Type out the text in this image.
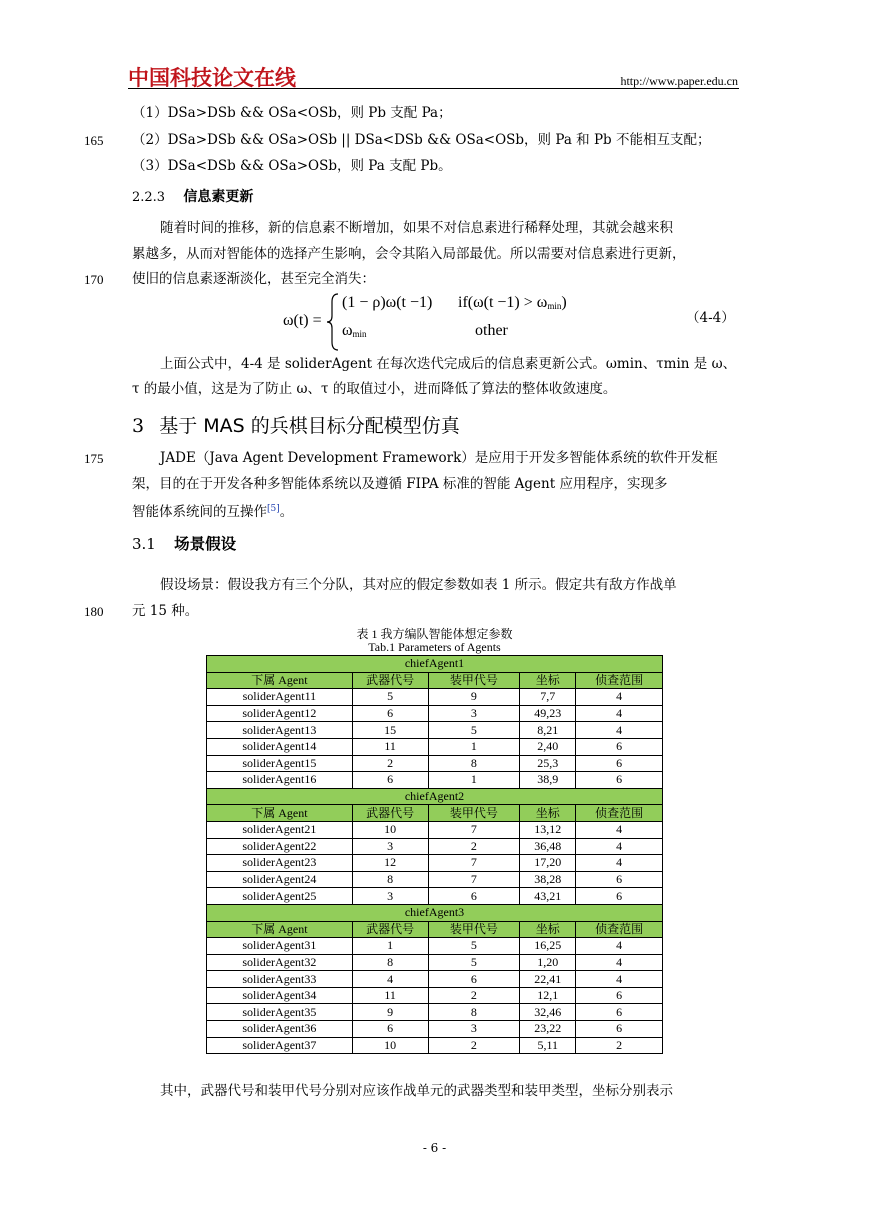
中国科技论文在线	http://www.paper.edu.cn
（1）DSa>DSb && OSa<OSb，则 Pb 支配 Pa；
165 （2）DSa>DSb && OSa>OSb || DSa<DSb && OSa<OSb，则 Pa 和 Pb 不能相互支配；
（3）DSa<DSb && OSa>OSb，则 Pa 支配 Pb。
2.2.3 信息素更新
随着时间的推移，新的信息素不断增加，如果不对信息素进行稀释处理，其就会越来积
累越多，从而对智能体的选择产生影响，会令其陷入局部最优。所以需要对信息素进行更新，
170 使旧的信息素逐渐淡化，甚至完全消失：
ω(t) =
(1 − ρ)ω(t −1) $if(\omega(t -1) > \omega_{min})$
$\omega_{min}$	other
（4-4）
上面公式中，4-4 是 soliderAgent 在每次迭代完成后的信息素更新公式。ωmin、τmin 是 ω、
τ 的最小值，这是为了防止 ω、τ 的取值过小，进而降低了算法的整体收敛速度。
3 基于 MAS 的兵棋目标分配模型仿真
175	JADE（Java Agent Development Framework）是应用于开发多智能体系统的软件开发框
架，目的在于开发各种多智能体系统以及遵循 FIPA 标准的智能 Agent 应用程序，实现多
智能体系统间的互操作[5]。
3.1 场景假设
假设场景：假设我方有三个分队，其对应的假定参数如表 1 所示。假定共有敌方作战单
180 元 15 种。
表 1 我方编队智能体想定参数
Tab.1 Parameters of Agents
chiefAgent1				
下属 Agent	武器代号	装甲代号	坐标	侦查范围
soliderAgent11	5	9	7,7	4
soliderAgent12	6	3	49,23	4
soliderAgent13	15	5	8,21	4
soliderAgent14	11	1	2,40	6
soliderAgent15	2	8	25,3	6
soliderAgent16	6	1	38,9	6
chiefAgent2				
下属 Agent	武器代号	装甲代号	坐标	侦查范围
soliderAgent21	10	7	13,12	4
soliderAgent22	3	2	36,48	4
soliderAgent23	12	7	17,20	4
soliderAgent24	8	7	38,28	6
soliderAgent25	3	6	43,21	6
chiefAgent3				
下属 Agent	武器代号	装甲代号	坐标	侦查范围
soliderAgent31	1	5	16,25	4
soliderAgent32	8	5	1,20	4
soliderAgent33	4	6	22,41	4
soliderAgent34	11	2	12,1	6
soliderAgent35	9	8	32,46	6
soliderAgent36	6	3	23,22	6
soliderAgent37	10	2	5,11	2
其中，武器代号和装甲代号分别对应该作战单元的武器类型和装甲类型，坐标分别表示
- 6 -
